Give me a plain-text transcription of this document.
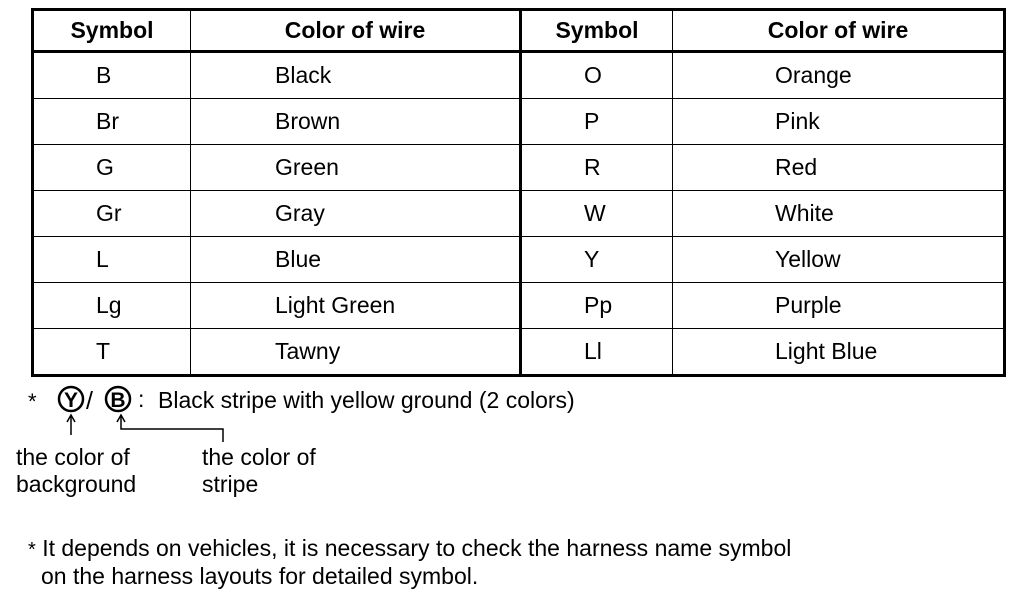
Symbol	Color of wire	Symbol	Color of wire
B	Black	O	Orange
Br	Brown	P	Pink
G	Green	R	Red
Gr	Gray	W	White
L	Blue	Y	Yellow
Lg	Light Green	Pp	Purple
T	Tawny	Ll	Light Blue
* Y / B : Black stripe with yellow ground (2 colors)
the color of
background
the color of
stripe
* It depends on vehicles, it is necessary to check the harness name symbol
on the harness layouts for detailed symbol.
